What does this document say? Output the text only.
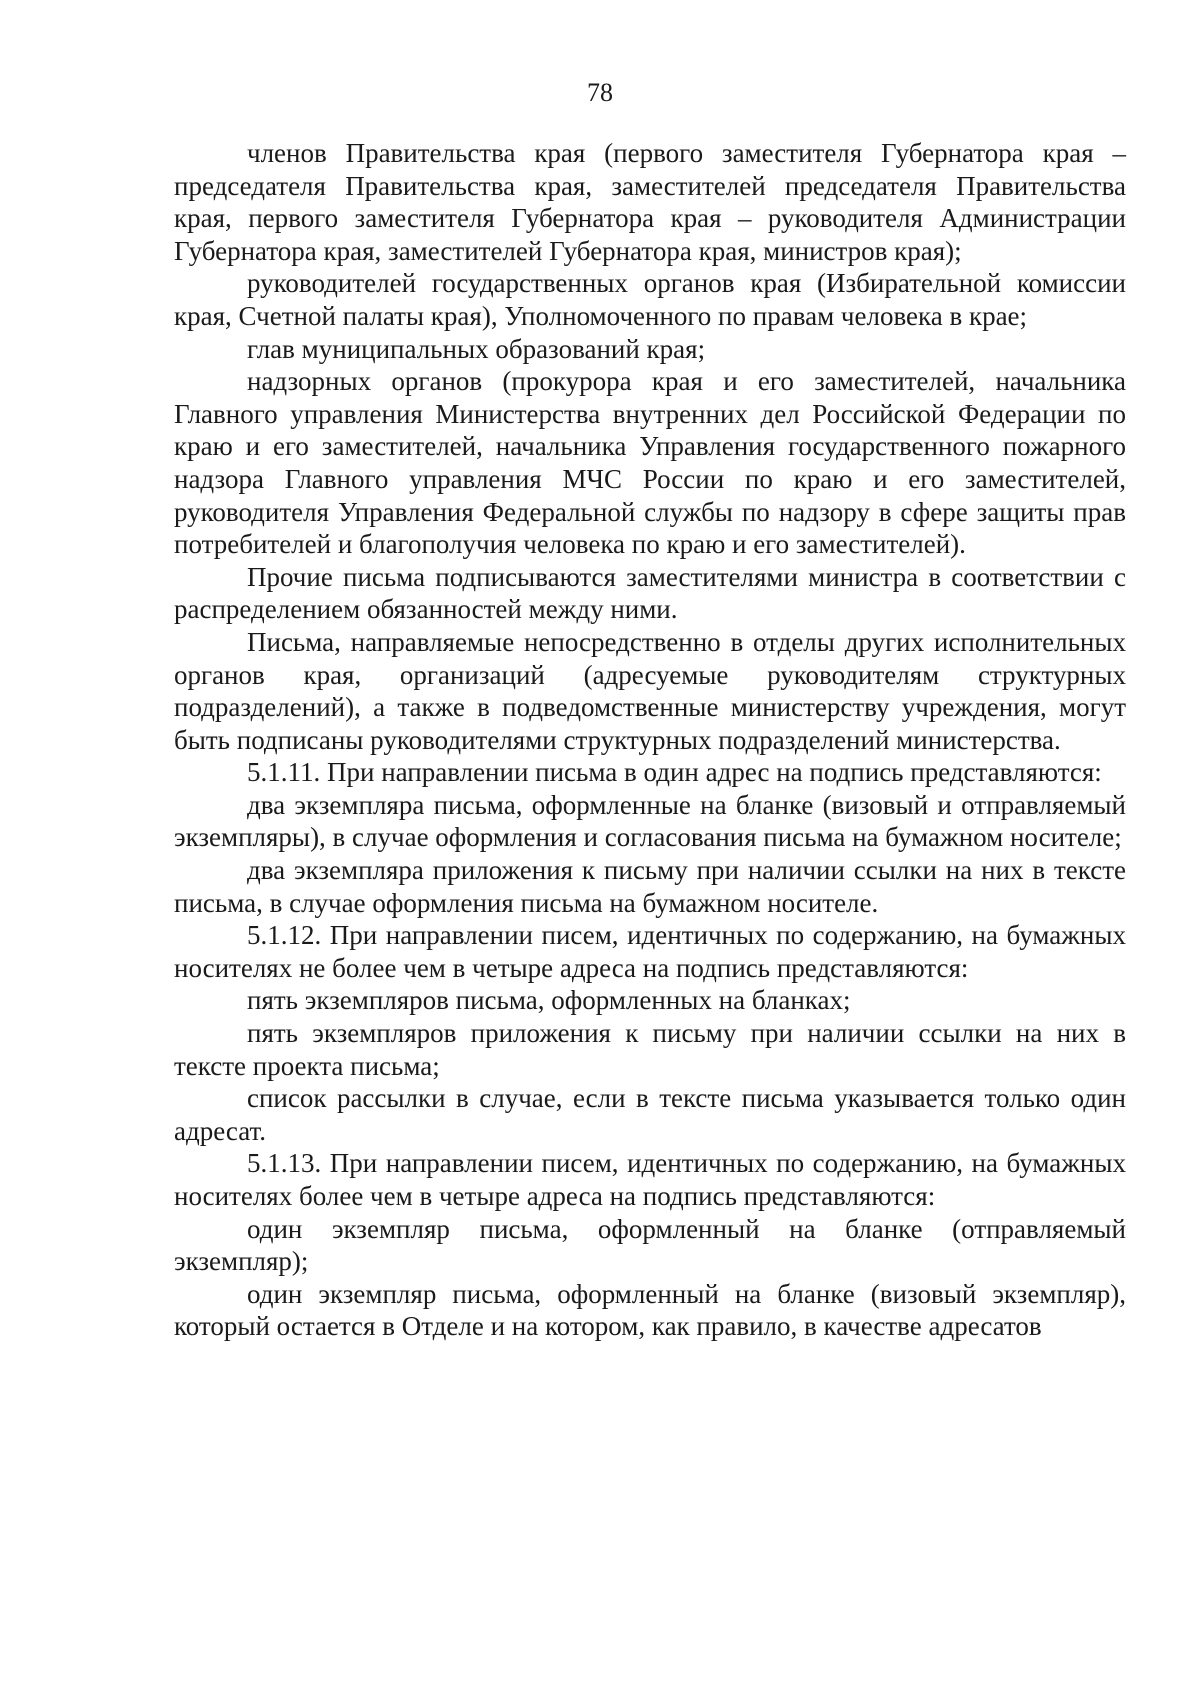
78

членов Правительства края (первого заместителя Губернатора края – председателя Правительства края, заместителей председателя Правительства края, первого заместителя Губернатора края – руководителя Администрации Губернатора края, заместителей Губернатора края, министров края);

руководителей государственных органов края (Избирательной комиссии края, Счетной палаты края), Уполномоченного по правам человека в крае;

глав муниципальных образований края;

надзорных органов (прокурора края и его заместителей, начальника Главного управления Министерства внутренних дел Российской Федерации по краю и его заместителей, начальника Управления государственного пожарного надзора Главного управления МЧС России по краю и его заместителей, руководителя Управления Федеральной службы по надзору в сфере защиты прав потребителей и благополучия человека по краю и его заместителей).

Прочие письма подписываются заместителями министра в соответствии с распределением обязанностей между ними.

Письма, направляемые непосредственно в отделы других исполнительных органов края, организаций (адресуемые руководителям структурных подразделений), а также в подведомственные министерству учреждения, могут быть подписаны руководителями структурных подразделений министерства.

5.1.11. При направлении письма в один адрес на подпись представляются:

два экземпляра письма, оформленные на бланке (визовый и отправляемый экземпляры), в случае оформления и согласования письма на бумажном носителе;

два экземпляра приложения к письму при наличии ссылки на них в тексте письма, в случае оформления письма на бумажном носителе.

5.1.12. При направлении писем, идентичных по содержанию, на бумажных носителях не более чем в четыре адреса на подпись представляются:

пять экземпляров письма, оформленных на бланках;

пять экземпляров приложения к письму при наличии ссылки на них в тексте проекта письма;

список рассылки в случае, если в тексте письма указывается только один адресат.

5.1.13. При направлении писем, идентичных по содержанию, на бумажных носителях более чем в четыре адреса на подпись представляются:

один экземпляр письма, оформленный на бланке (отправляемый экземпляр);

один экземпляр письма, оформленный на бланке (визовый экземпляр), который остается в Отделе и на котором, как правило, в качестве адресатов
